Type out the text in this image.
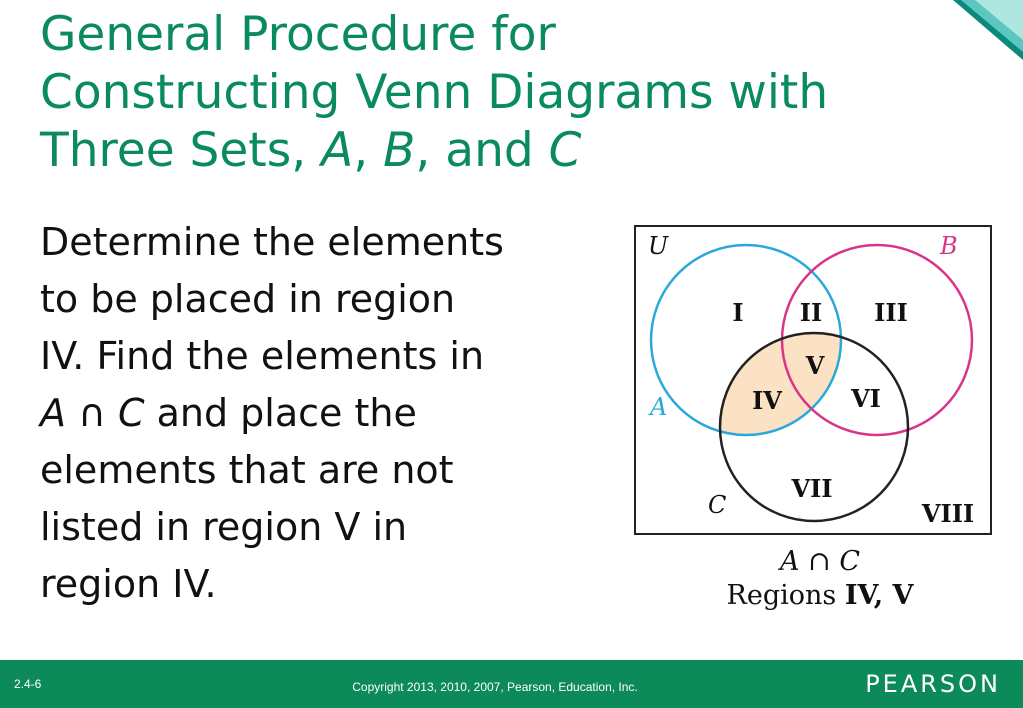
General Procedure for
Constructing Venn Diagrams with
Three Sets, A, B, and C
Determine the elements
to be placed in region
IV. Find the elements in
A ∩ C and place the
elements that are not
listed in region V in
region IV.
U	B
A
C
I II III
IV
V
VI
VII
VIII
A ∩ C
Regions IV, V
2.4-6	Copyright 2013, 2010, 2007, Pearson, Education, Inc.	PEARSON
